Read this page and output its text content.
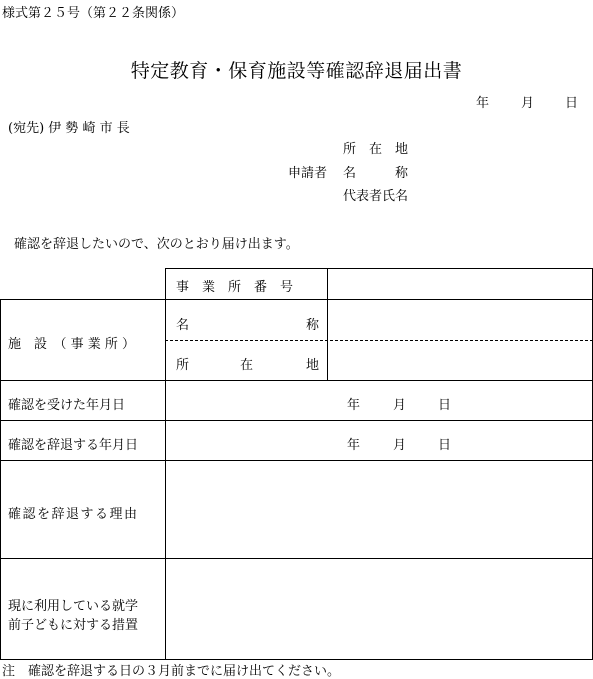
様式第２５号（第２２条関係）
特定教育・保育施設等確認辞退届出書
年 月 日
(宛先) 伊 勢 崎 市 長
所　在　地
申請者 名　　　称
代表者氏名
確認を辞退したいので、次のとおり届け出ます。
事　業　所　番　号
施　設　（ 事 業 所 ）
名	称
所	在	地
確認を受けた年月日	年	月 日
確認を辞退する年月日	年	月 日
確認を辞退する理由
現に利用している就学
前子どもに対する措置
注　確認を辞退する日の３月前までに届け出てください。
